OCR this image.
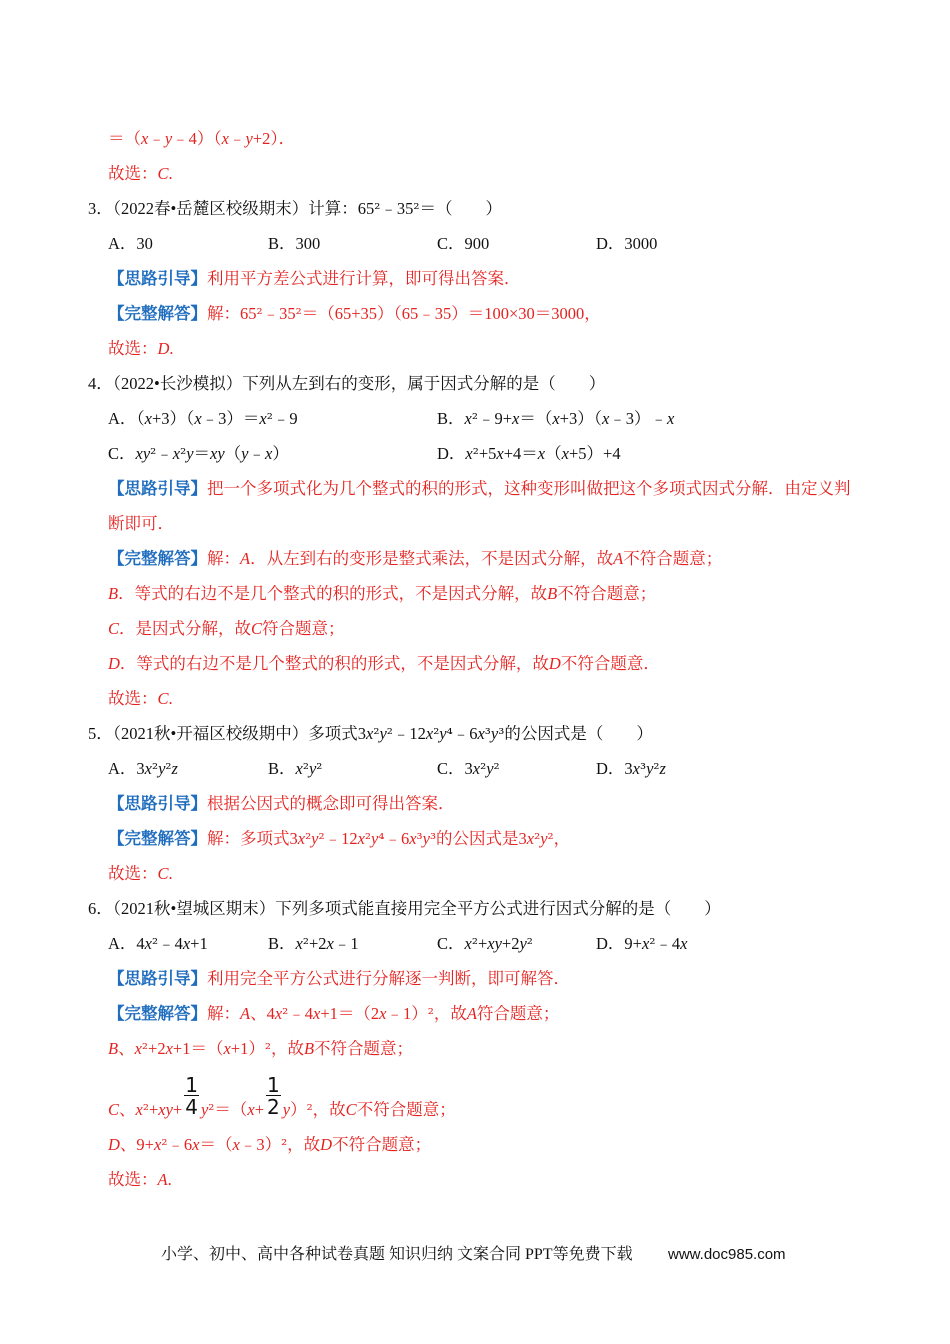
＝（x﹣y﹣4）（x﹣y+2）．
故选：C.
3．（2022春•岳麓区校级期末）计算：65²﹣35²＝（　　）
A．30	B．300	C．900	D．3000
【思路引导】利用平方差公式进行计算，即可得出答案．
【完整解答】解：65²﹣35²＝（65+35）（65﹣35）＝100×30＝3000，
故选：D.
4．（2022•长沙模拟）下列从左到右的变形，属于因式分解的是（　　）
A．（x+3）（x﹣3）＝x²﹣9	B．x²﹣9+x＝（x+3）（x﹣3）﹣x
C．xy²﹣x²y＝xy（y﹣x）	D．x²+5x+4＝x（x+5）+4
【思路引导】把一个多项式化为几个整式的积的形式，这种变形叫做把这个多项式因式分解．由定义判
断即可．
【完整解答】解：A．从左到右的变形是整式乘法，不是因式分解，故A不符合题意；
B．等式的右边不是几个整式的积的形式，不是因式分解，故B不符合题意；
C．是因式分解，故C符合题意；
D．等式的右边不是几个整式的积的形式，不是因式分解，故D不符合题意．
故选：C.
5．（2021秋•开福区校级期中）多项式3x²y²﹣12x²y⁴﹣6x³y³的公因式是（　　）
A．3x²y²z	B．x²y²	C．3x²y²	D．3x³y²z
【思路引导】根据公因式的概念即可得出答案．
【完整解答】解：多项式3x²y²﹣12x²y⁴﹣6x³y³的公因式是3x²y²，
故选：C.
6．（2021秋•望城区期末）下列多项式能直接用完全平方公式进行因式分解的是（　　）
A．4x²﹣4x+1	B．x²+2x﹣1	C．x²+xy+2y²	D．9+x²﹣4x
【思路引导】利用完全平方公式进行分解逐一判断，即可解答．
【完整解答】解：A、4x²﹣4x+1＝（2x﹣1）²，故A符合题意；
B、x²+2x+1＝（x+1）²，故B不符合题意；
C、$x^2+xy+ \frac{1}{4} y^2=(x+ \frac{1}{2} y)^2$，故C不符合题意；
D、9+x²﹣6x＝（x﹣3）²，故D不符合题意；
故选：A.
小学、初中、高中各种试卷真题 知识归纳 文案合同 PPT等免费下载 www.doc985.com
